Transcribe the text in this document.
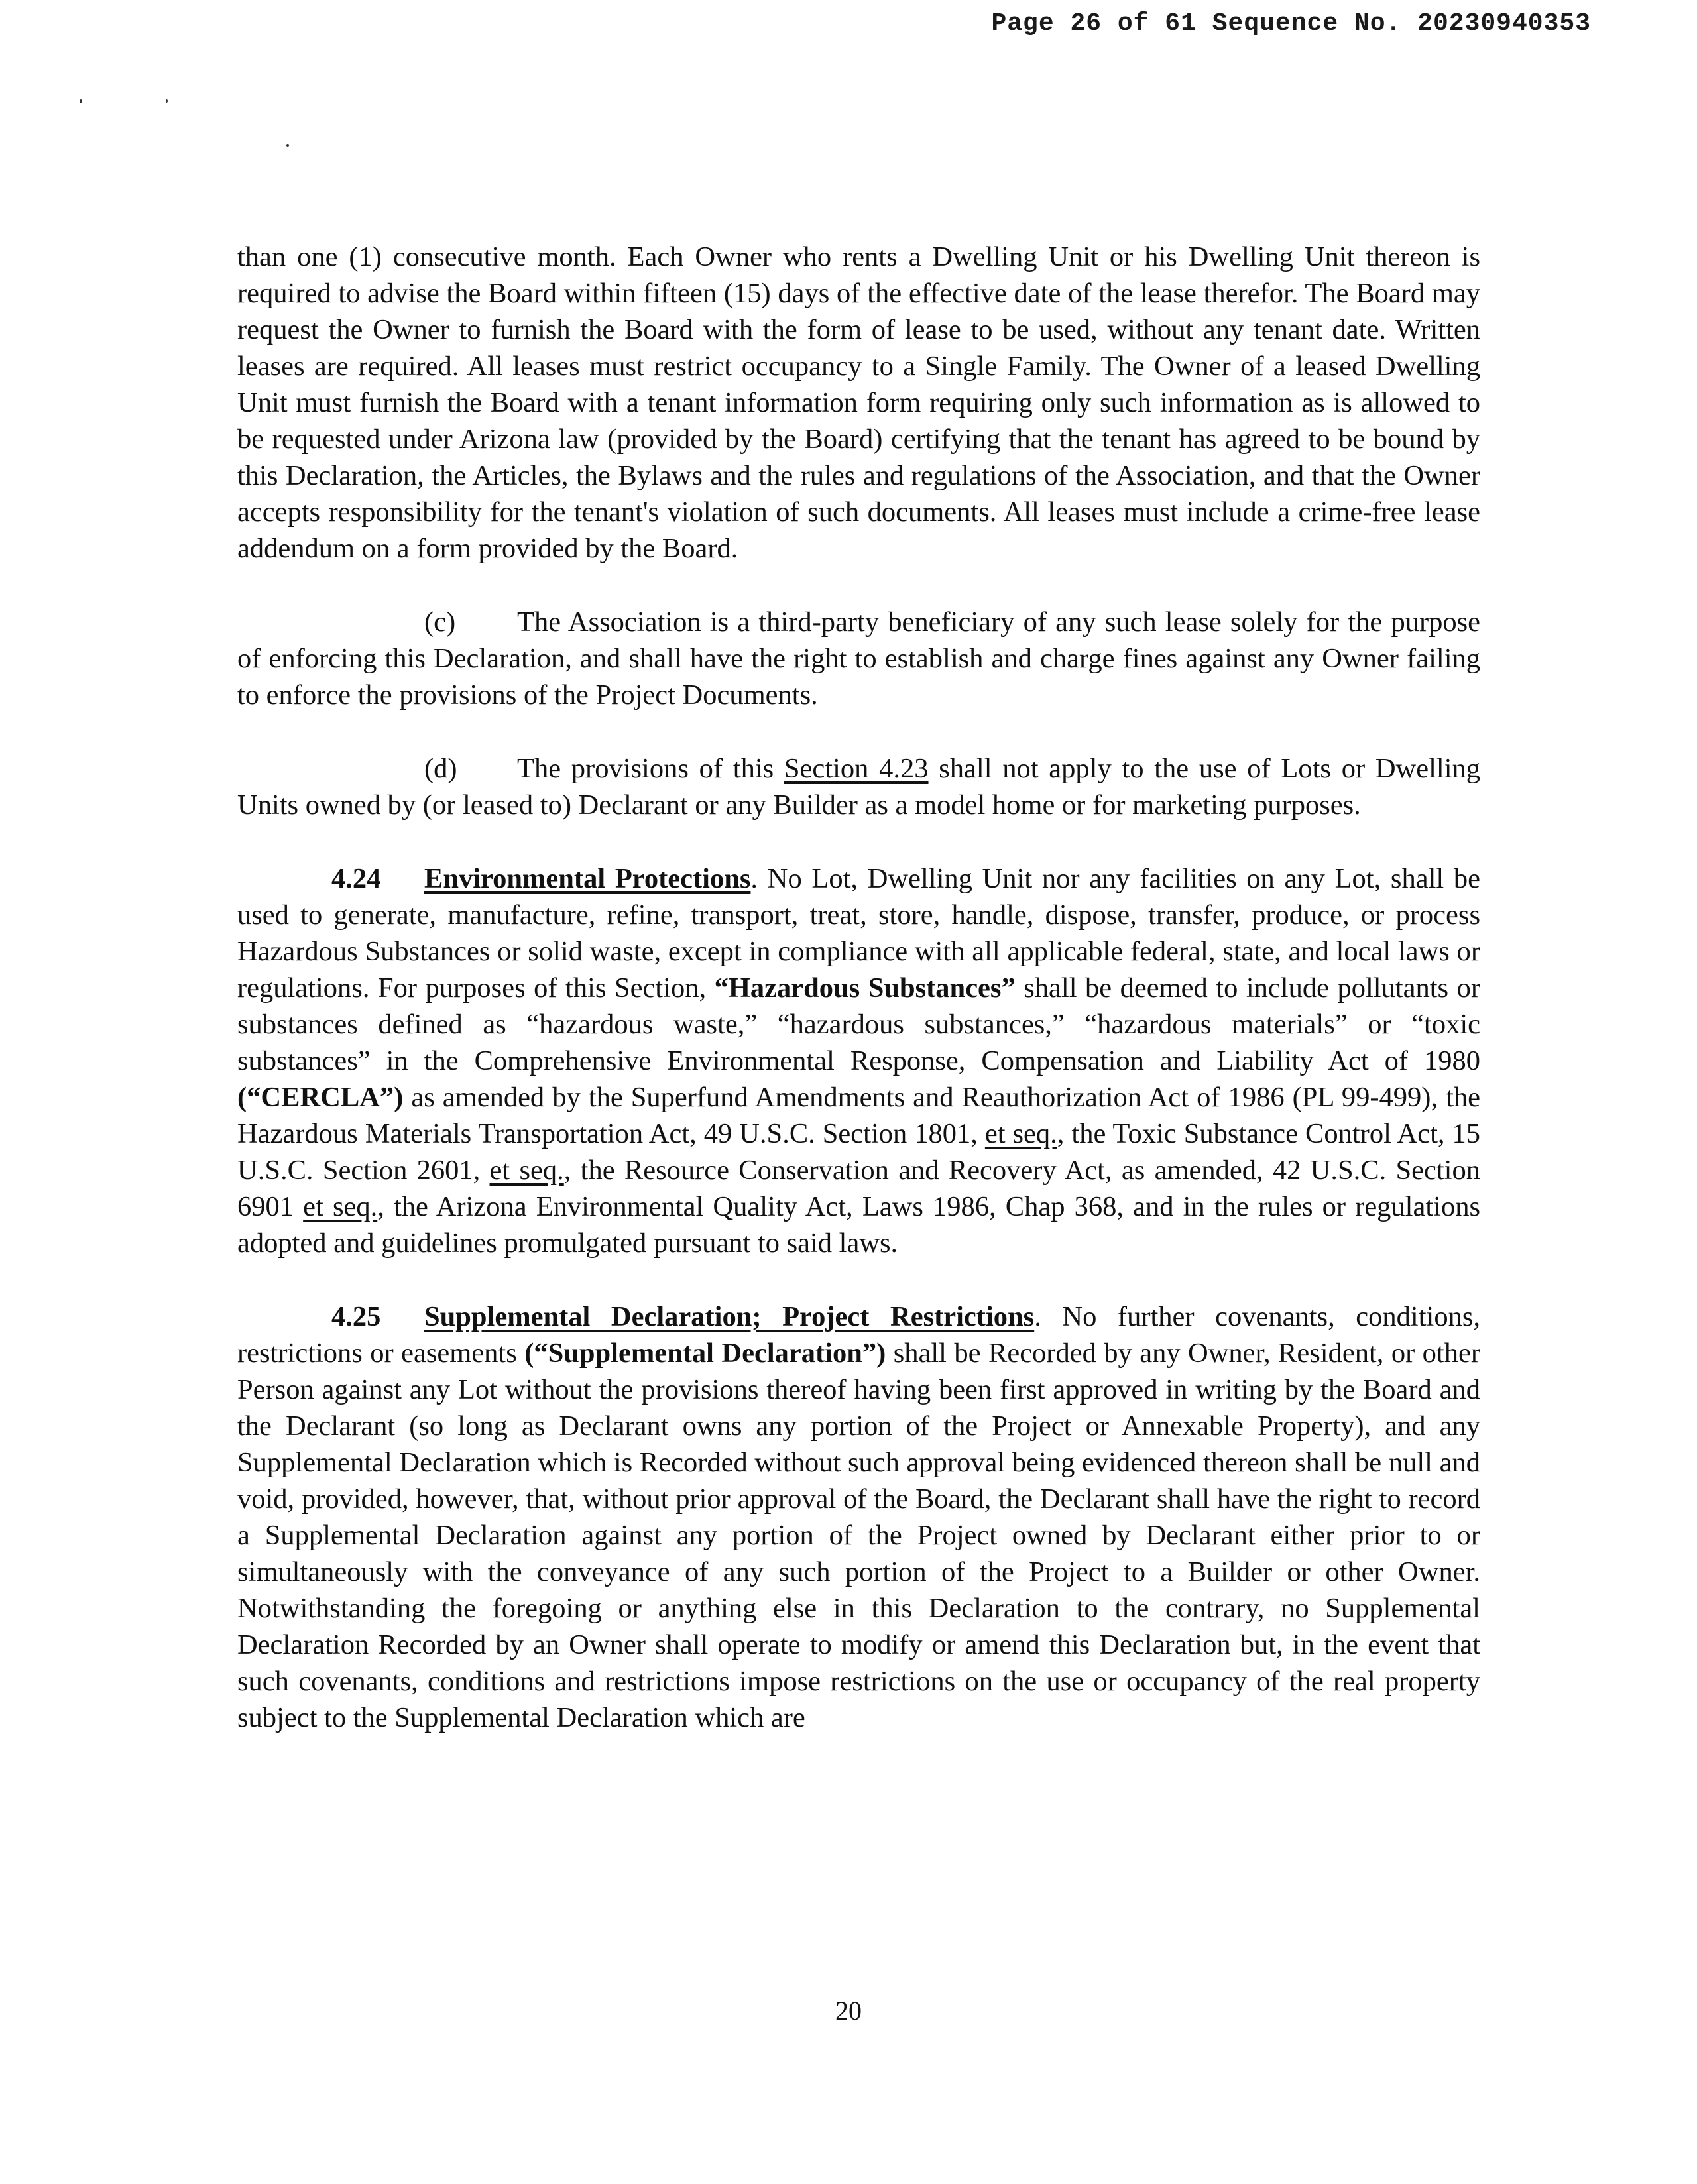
Page 26 of 61 Sequence No. 20230940353

than one (1) consecutive month. Each Owner who rents a Dwelling Unit or his Dwelling Unit thereon is required to advise the Board within fifteen (15) days of the effective date of the lease therefor. The Board may request the Owner to furnish the Board with the form of lease to be used, without any tenant date. Written leases are required. All leases must restrict occupancy to a Single Family. The Owner of a leased Dwelling Unit must furnish the Board with a tenant information form requiring only such information as is allowed to be requested under Arizona law (provided by the Board) certifying that the tenant has agreed to be bound by this Declaration, the Articles, the Bylaws and the rules and regulations of the Association, and that the Owner accepts responsibility for the tenant's violation of such documents. All leases must include a crime-free lease addendum on a form provided by the Board.

(c) The Association is a third-party beneficiary of any such lease solely for the purpose of enforcing this Declaration, and shall have the right to establish and charge fines against any Owner failing to enforce the provisions of the Project Documents.

(d) The provisions of this Section 4.23 shall not apply to the use of Lots or Dwelling Units owned by (or leased to) Declarant or any Builder as a model home or for marketing purposes.

4.24 Environmental Protections. No Lot, Dwelling Unit nor any facilities on any Lot, shall be used to generate, manufacture, refine, transport, treat, store, handle, dispose, transfer, produce, or process Hazardous Substances or solid waste, except in compliance with all applicable federal, state, and local laws or regulations. For purposes of this Section, “Hazardous Substances” shall be deemed to include pollutants or substances defined as “hazardous waste,” “hazardous substances,” “hazardous materials” or “toxic substances” in the Comprehensive Environmental Response, Compensation and Liability Act of 1980 (“CERCLA”) as amended by the Superfund Amendments and Reauthorization Act of 1986 (PL 99-499), the Hazardous Materials Transportation Act, 49 U.S.C. Section 1801, et seq., the Toxic Substance Control Act, 15 U.S.C. Section 2601, et seq., the Resource Conservation and Recovery Act, as amended, 42 U.S.C. Section 6901 et seq., the Arizona Environmental Quality Act, Laws 1986, Chap 368, and in the rules or regulations adopted and guidelines promulgated pursuant to said laws.

4.25 Supplemental Declaration; Project Restrictions. No further covenants, conditions, restrictions or easements (“Supplemental Declaration”) shall be Recorded by any Owner, Resident, or other Person against any Lot without the provisions thereof having been first approved in writing by the Board and the Declarant (so long as Declarant owns any portion of the Project or Annexable Property), and any Supplemental Declaration which is Recorded without such approval being evidenced thereon shall be null and void, provided, however, that, without prior approval of the Board, the Declarant shall have the right to record a Supplemental Declaration against any portion of the Project owned by Declarant either prior to or simultaneously with the conveyance of any such portion of the Project to a Builder or other Owner. Notwithstanding the foregoing or anything else in this Declaration to the contrary, no Supplemental Declaration Recorded by an Owner shall operate to modify or amend this Declaration but, in the event that such covenants, conditions and restrictions impose restrictions on the use or occupancy of the real property subject to the Supplemental Declaration which are

20
